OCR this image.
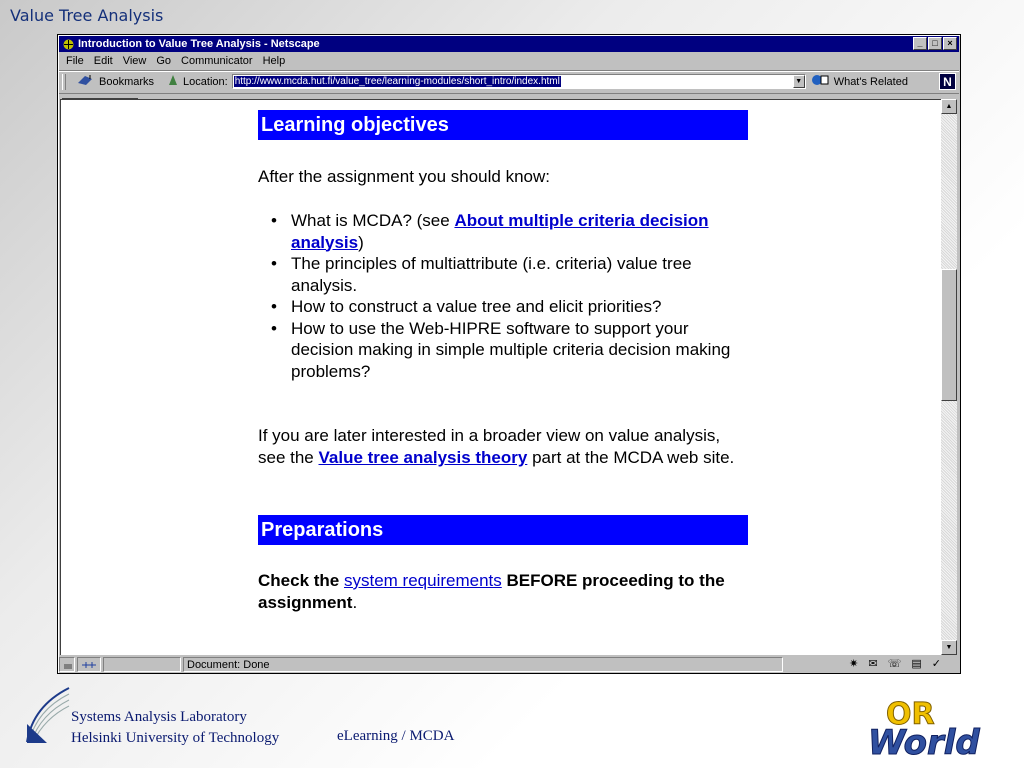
Value Tree Analysis
Introduction to Value Tree Analysis - Netscape	_	□	×
File Edit View Go Communicator Help
Bookmarks	Location: http://www.mcda.hut.fi/value_tree/learning-modules/short_intro/index.html	▼	What's Related	N
Learning objectives
After the assignment you should know:
• What is MCDA? (see About multiple criteria decision analysis)
• The principles of multiattribute (i.e. criteria) value tree analysis.
• How to construct a value tree and elicit priorities?
• How to use the Web-HIPRE software to support your decision making in simple multiple criteria decision making problems?
If you are later interested in a broader view on value analysis, see the Value tree analysis theory part at the MCDA web site.
Preparations
Check the system requirements BEFORE proceeding to the assignment.
▲
▼
Document: Done	✷ ✉ ☏ ▤ ✓
Systems Analysis Laboratory
Helsinki University of Technology	eLearning / MCDA
OR
World
